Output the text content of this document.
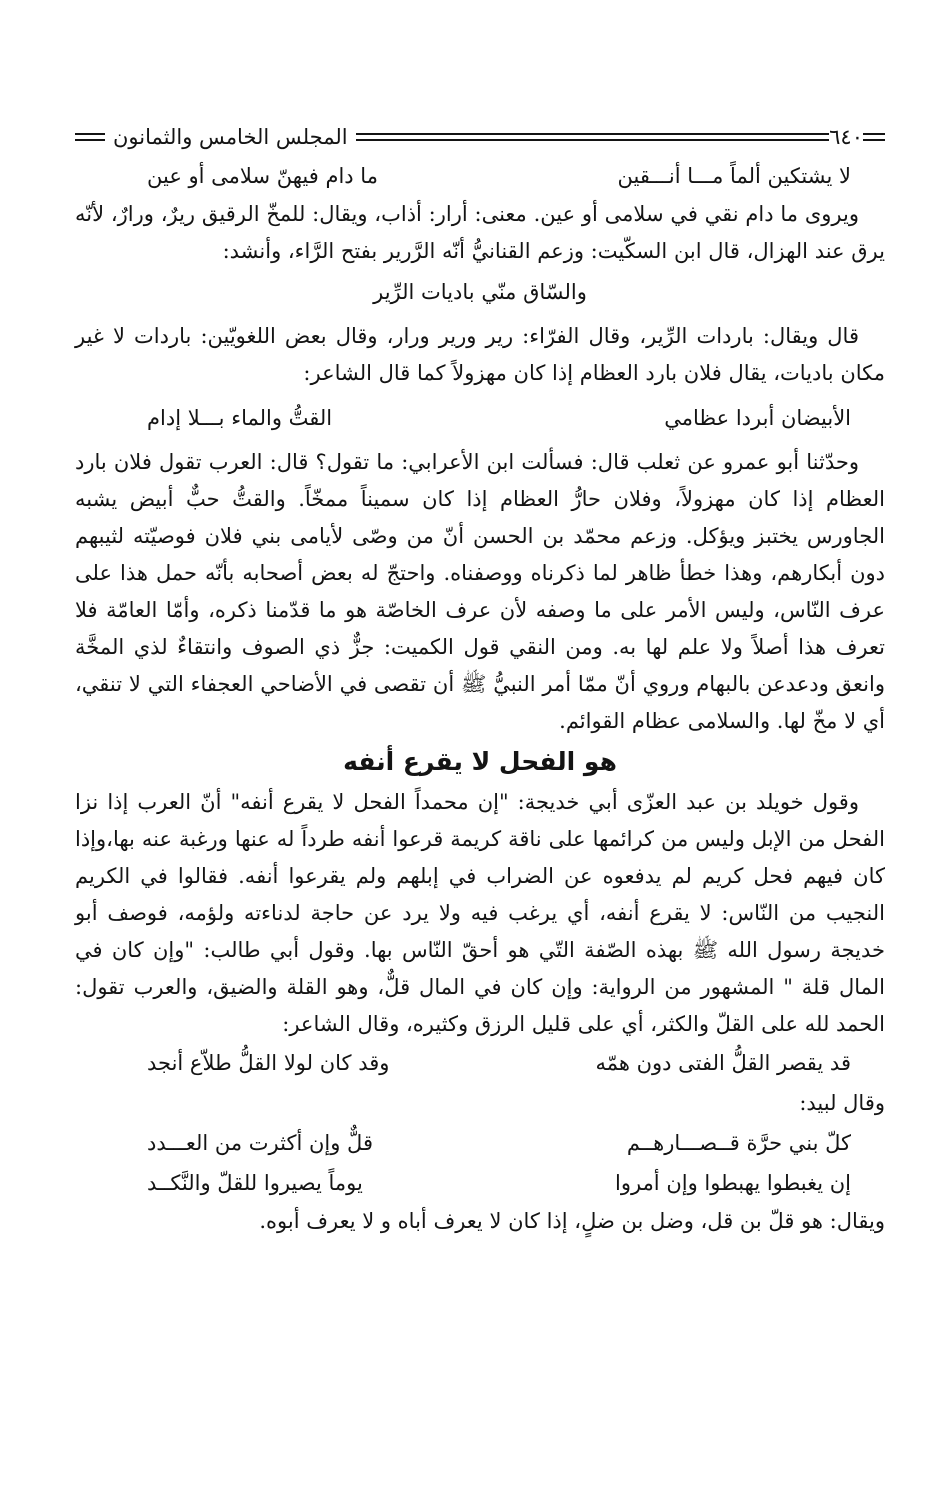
٦٤٠
المجلس الخامس والثمانون
لا يشتكين ألماً مـــا أنـــقين
ما دام فيهنّ سلامى أو عين

ويروى ما دام نقي في سلامى أو عين. معنى: أرار: أذاب، ويقال: للمخّ الرقيق ريرٌ، ورارٌ، لأنّه يرق عند الهزال، قال ابن السكّيت: وزعم القنانيُّ أنّه الرَّرير بفتح الرَّاء، وأنشد:

والسّاق منّي باديات الرِّير

قال ويقال: باردات الرِّير، وقال الفرّاء: رير ورير ورار، وقال بعض اللغويّين: باردات لا غير مكان باديات، يقال فلان بارد العظام إذا كان مهزولاً كما قال الشاعر:

الأبيضان أبردا عظامي
القتُّ والماء بـــلا إدام

وحدّثنا أبو عمرو عن ثعلب قال: فسألت ابن الأعرابي: ما تقول؟ قال: العرب تقول فلان بارد العظام إذا كان مهزولاً، وفلان حارُّ العظام إذا كان سميناً ممخّاً. والقتُّ حبٌّ أبيض يشبه الجاورس يختبز ويؤكل. وزعم محمّد بن الحسن أنّ من وصّى لأيامى بني فلان فوصيّته لثيبهم دون أبكارهم، وهذا خطأ ظاهر لما ذكرناه ووصفناه. واحتجّ له بعض أصحابه بأنّه حمل هذا على عرف النّاس، وليس الأمر على ما وصفه لأن عرف الخاصّة هو ما قدّمنا ذكره، وأمّا العامّة فلا تعرف هذا أصلاً ولا علم لها به. ومن النقي قول الكميت: جزٌّ ذي الصوف وانتقاءٌ لذي المخَّة وانعق ودعدعن بالبهام وروي أنّ ممّا أمر النبيُّ ﷺ أن تقصى في الأضاحي العجفاء التي لا تنقي، أي لا مخّ لها. والسلامى عظام القوائم.

هو الفحل لا يقرع أنفه

وقول خويلد بن عبد العزّى أبي خديجة: "إن محمداً الفحل لا يقرع أنفه" أنّ العرب إذا نزا الفحل من الإبل وليس من كرائمها على ناقة كريمة قرعوا أنفه طرداً له عنها ورغبة عنه بها،وإذا كان فيهم فحل كريم لم يدفعوه عن الضراب في إبلهم ولم يقرعوا أنفه. فقالوا في الكريم النجيب من النّاس: لا يقرع أنفه، أي يرغب فيه ولا يرد عن حاجة لدناءته ولؤمه، فوصف أبو خديجة رسول الله ﷺ بهذه الصّفة التّي هو أحقّ النّاس بها. وقول أبي طالب: "وإن كان في المال قلة " المشهور من الرواية: وإن كان في المال قلٌّ، وهو القلة والضيق، والعرب تقول: الحمد لله على القلّ والكثر، أي على قليل الرزق وكثيره، وقال الشاعر:

قد يقصر القلُّ الفتى دون همّه
وقد كان لولا القلُّ طلاّع أنجد

وقال لبيد:

كلّ بني حرَّة قــصـــارهــم
قلٌّ وإن أكثرت من العـــدد
إن يغبطوا يهبطوا وإن أمروا
يوماً يصيروا للقلّ والنَّكــد

ويقال: هو قلّ بن قل، وضل بن ضلٍ، إذا كان لا يعرف أباه و لا يعرف أبوه.
